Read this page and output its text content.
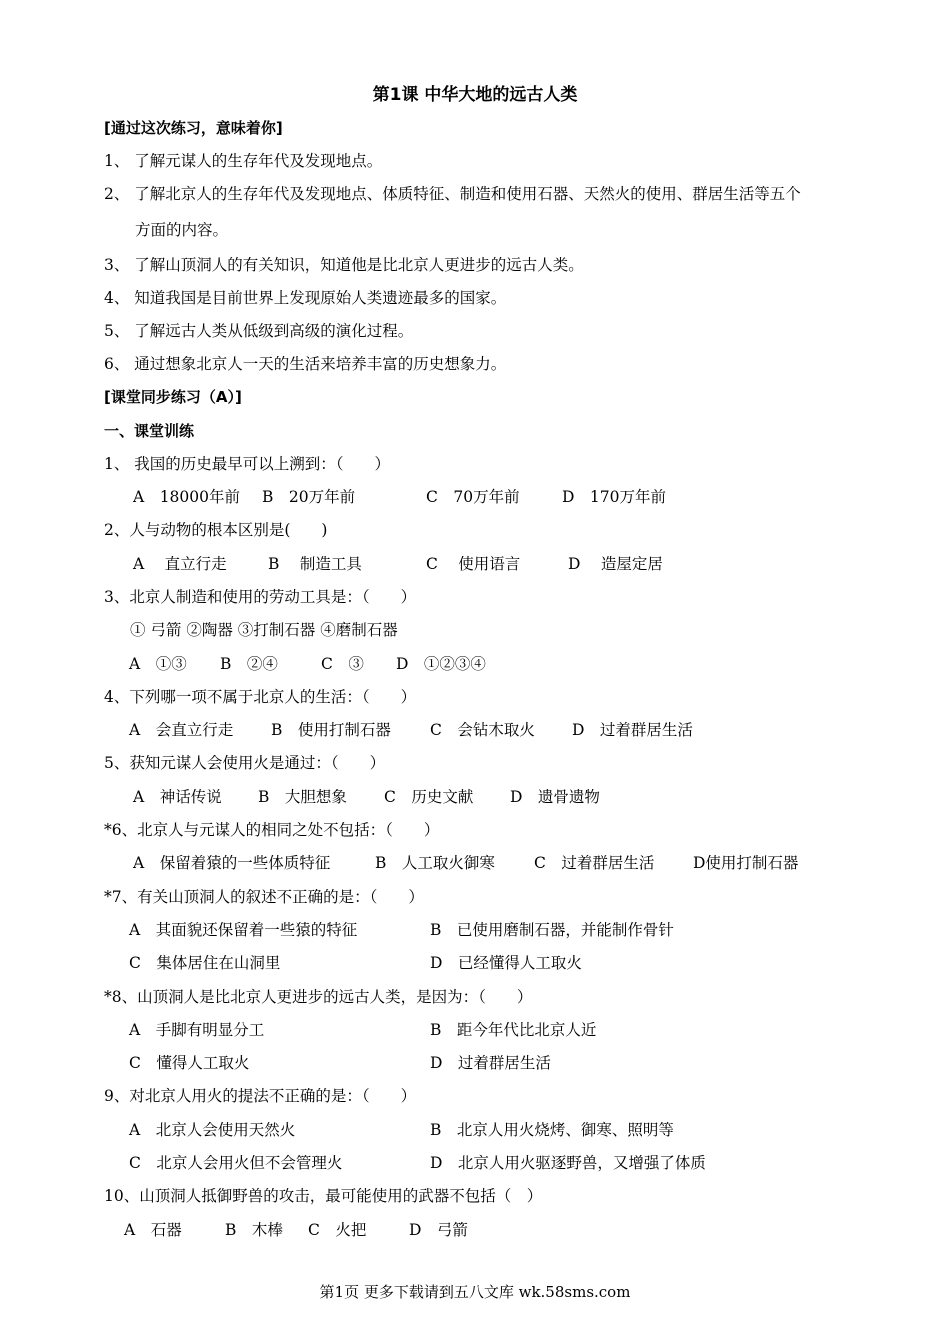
第1课 中华大地的远古人类
[通过这次练习，意味着你]
1、 了解元谋人的生存年代及发现地点。
2、 了解北京人的生存年代及发现地点、体质特征、制造和使用石器、天然火的使用、群居生活等五个
方面的内容。
3、 了解山顶洞人的有关知识，知道他是比北京人更进步的远古人类。
4、 知道我国是目前世界上发现原始人类遗迹最多的国家。
5、 了解远古人类从低级到高级的演化过程。
6、 通过想象北京人一天的生活来培养丰富的历史想象力。
[课堂同步练习（A）]
一、课堂训练
1、 我国的历史最早可以上溯到：（　　）
A　18000年前 B　20万年前	C　70万年前	D　170万年前
2、人与动物的根本区别是(　　)
A　 直立行走	B　 制造工具	C　 使用语言	D　 造屋定居
3、北京人制造和使用的劳动工具是：（　　）
① 弓箭 ②陶器 ③打制石器 ④磨制石器
A　①③ B　②④	C　③ D　①②③④
4、下列哪一项不属于北京人的生活：（　　）
A　会直立行走 B　使用打制石器	C　会钻木取火 D　过着群居生活
5、获知元谋人会使用火是通过：（　　）
A　神话传说 B　大胆想象 C　历史文献 D　遗骨遗物
*6、北京人与元谋人的相同之处不包括：（　　）
A　保留着猿的一些体质特征	B　人工取火御寒	C　过着群居生活 D使用打制石器
*7、有关山顶洞人的叙述不正确的是：（　　）
A　其面貌还保留着一些猿的特征	B　已使用磨制石器，并能制作骨针
C　集体居住在山洞里	D　已经懂得人工取火
*8、山顶洞人是比北京人更进步的远古人类，是因为：（　　）
A　手脚有明显分工	B　距今年代比北京人近
C　懂得人工取火	D　过着群居生活
9、对北京人用火的提法不正确的是：（　　）
A　北京人会使用天然火	B　北京人用火烧烤、御寒、照明等
C　北京人会用火但不会管理火	D　北京人用火驱逐野兽，又增强了体质
10、山顶洞人抵御野兽的攻击，最可能使用的武器不包括（　）
A　石器	B　木棒 C　火把	D　弓箭
第1页 更多下载请到五八文库 wk.58sms.com
